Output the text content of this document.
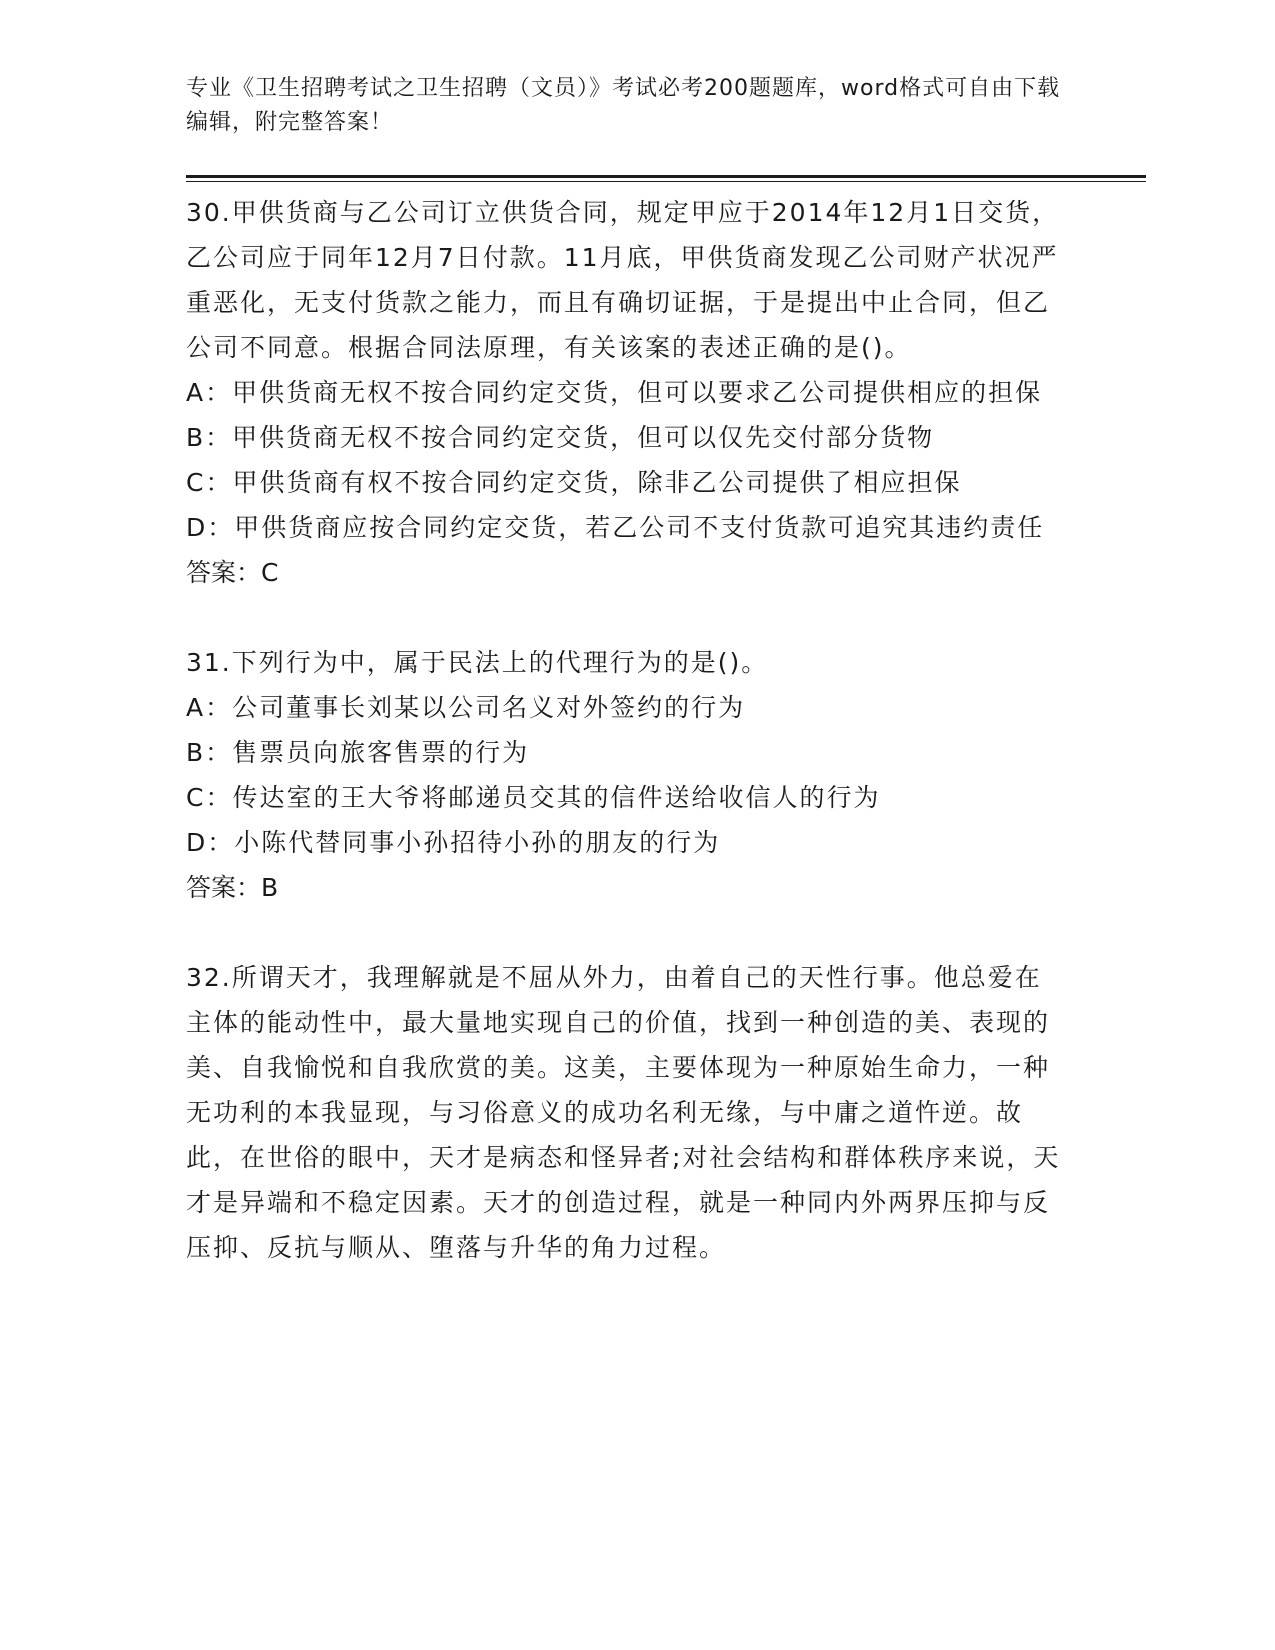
专业《卫生招聘考试之卫生招聘（文员）》考试必考200题题库，word格式可自由下载编辑，附完整答案！

30.甲供货商与乙公司订立供货合同，规定甲应于2014年12月1日交货，乙公司应于同年12月7日付款。11月底，甲供货商发现乙公司财产状况严重恶化，无支付货款之能力，而且有确切证据，于是提出中止合同，但乙公司不同意。根据合同法原理，有关该案的表述正确的是()。

A：甲供货商无权不按合同约定交货，但可以要求乙公司提供相应的担保

B：甲供货商无权不按合同约定交货，但可以仅先交付部分货物

C：甲供货商有权不按合同约定交货，除非乙公司提供了相应担保

D：甲供货商应按合同约定交货，若乙公司不支付货款可追究其违约责任

答案：C

31.下列行为中，属于民法上的代理行为的是()。

A：公司董事长刘某以公司名义对外签约的行为

B：售票员向旅客售票的行为

C：传达室的王大爷将邮递员交其的信件送给收信人的行为

D：小陈代替同事小孙招待小孙的朋友的行为

答案：B

32.所谓天才，我理解就是不屈从外力，由着自己的天性行事。他总爱在主体的能动性中，最大量地实现自己的价值，找到一种创造的美、表现的美、自我愉悦和自我欣赏的美。这美，主要体现为一种原始生命力，一种无功利的本我显现，与习俗意义的成功名利无缘，与中庸之道忤逆。故此，在世俗的眼中，天才是病态和怪异者;对社会结构和群体秩序来说，天才是异端和不稳定因素。天才的创造过程，就是一种同内外两界压抑与反压抑、反抗与顺从、堕落与升华的角力过程。
